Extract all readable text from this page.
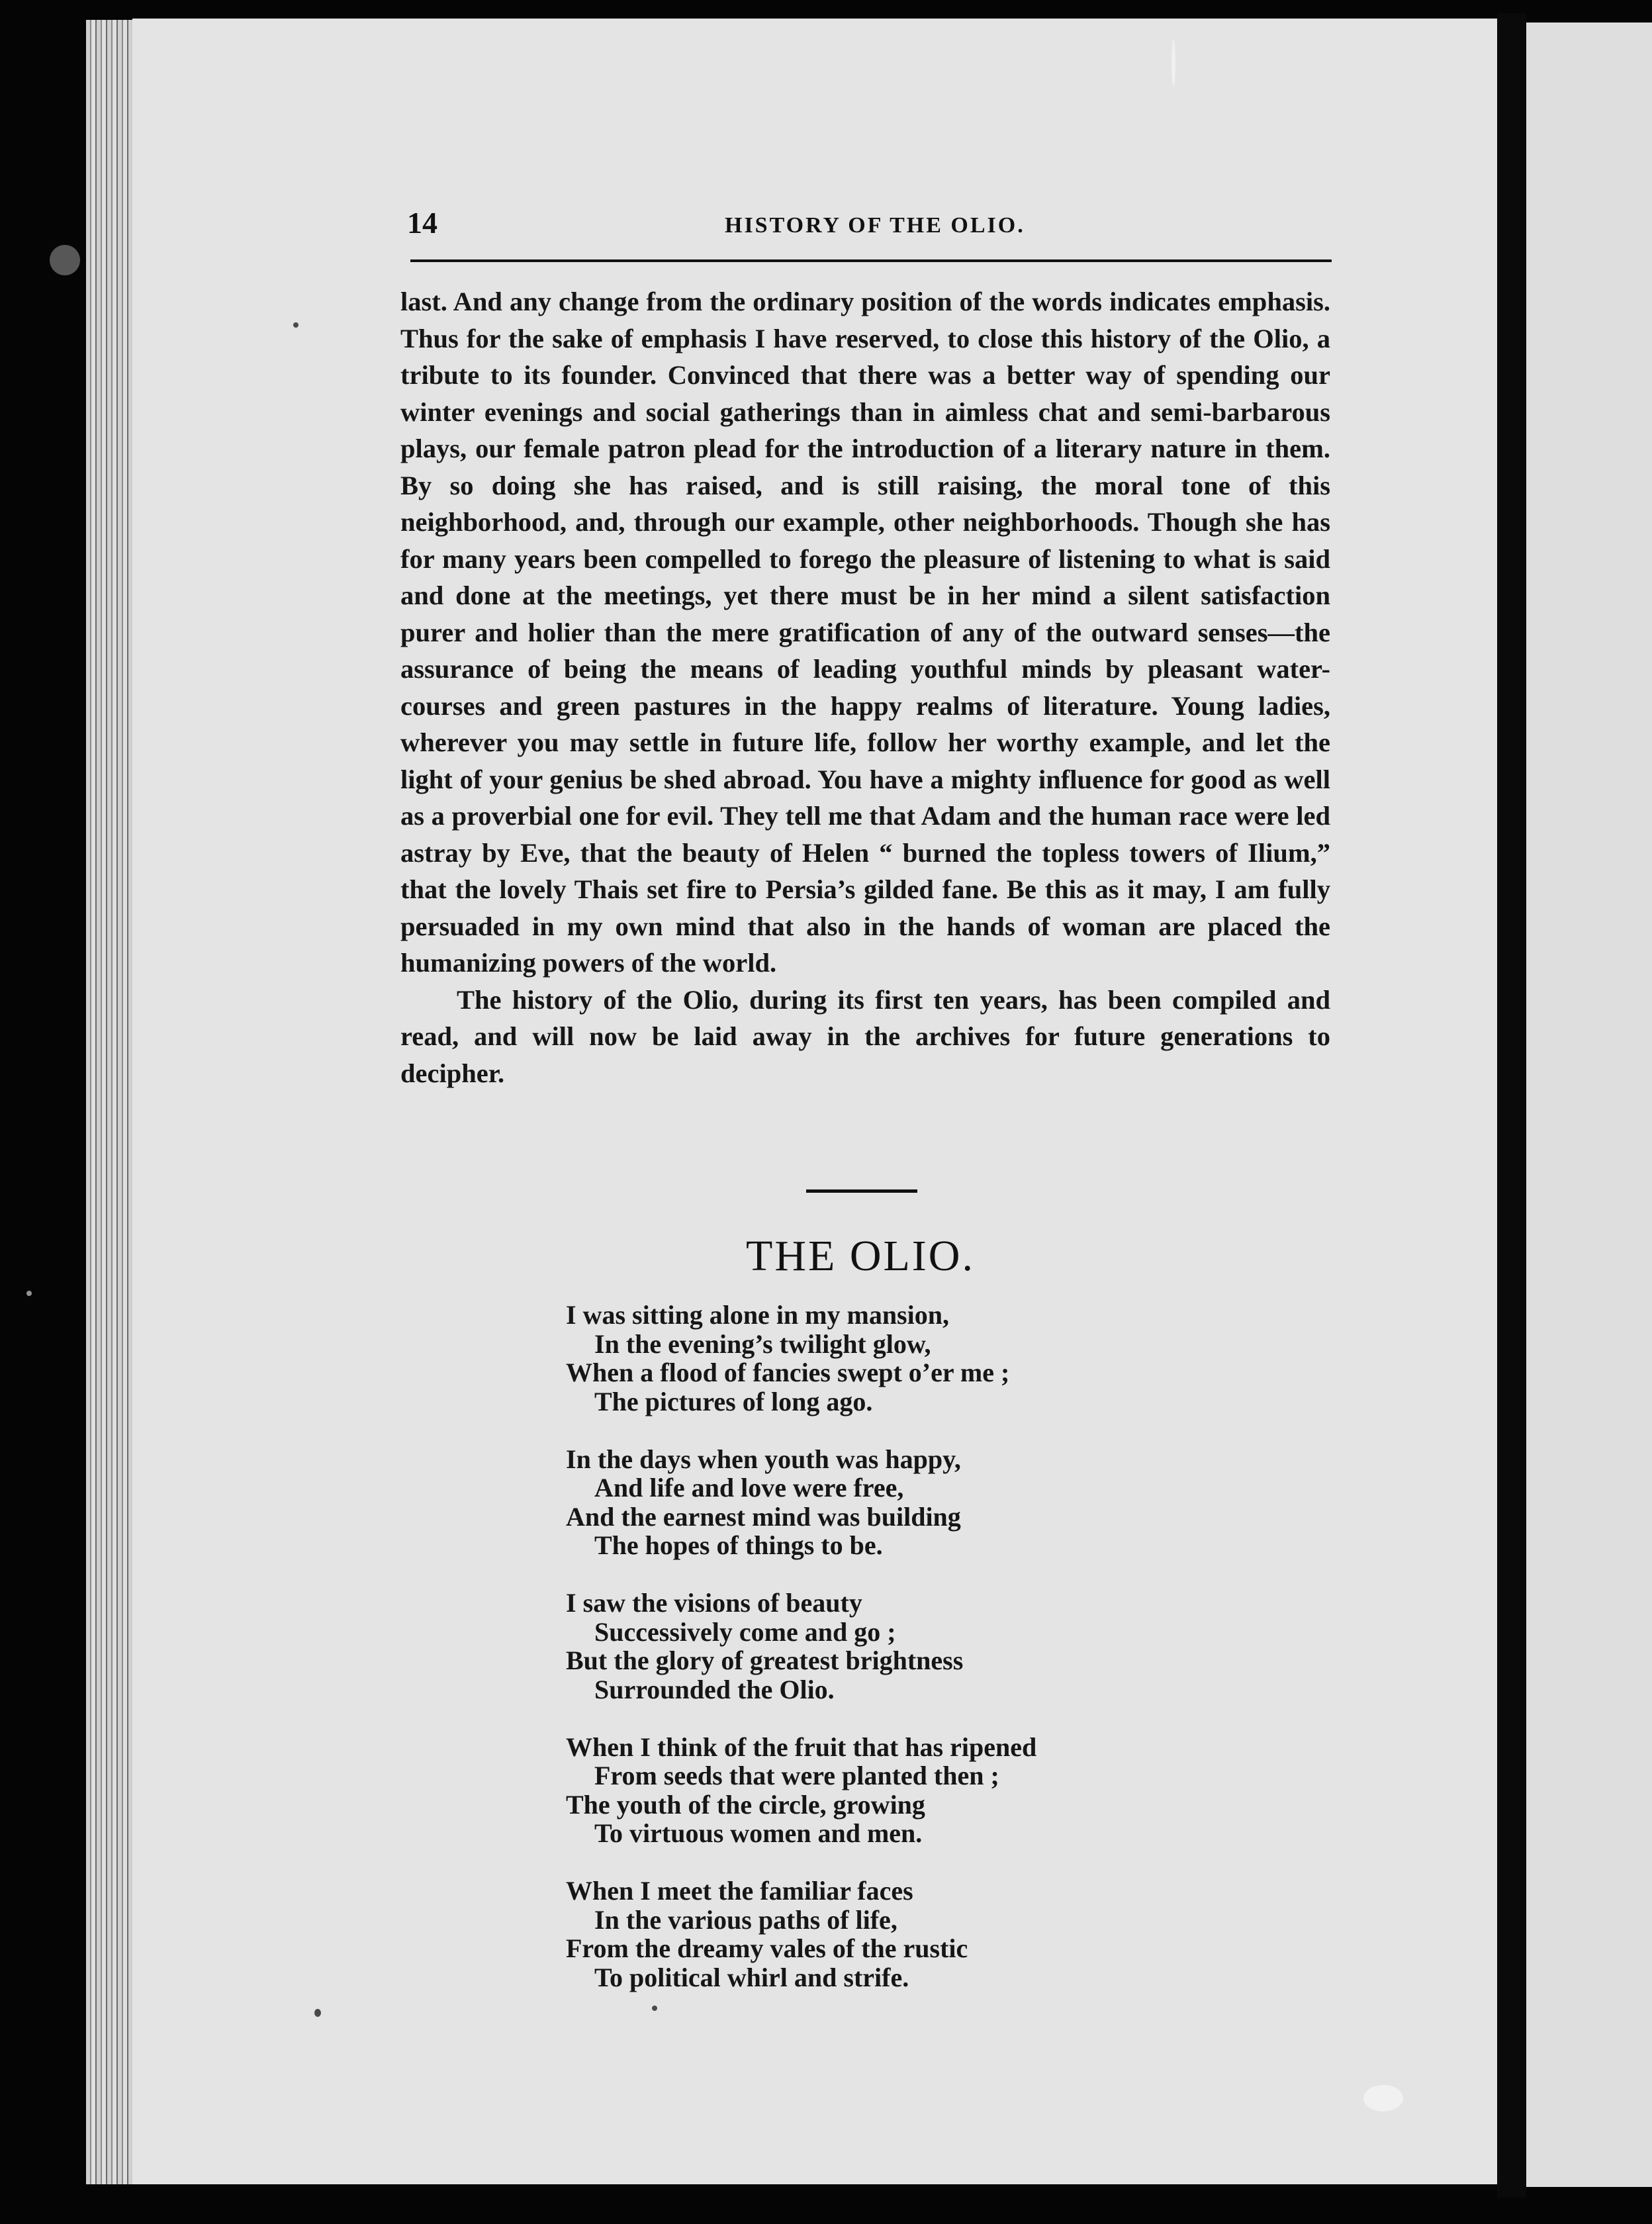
14	HISTORY OF THE OLIO.

last. And any change from the ordinary position of the words indicates emphasis. Thus for the sake of emphasis I have reserved, to close this history of the Olio, a tribute to its founder. Convinced that there was a better way of spending our winter evenings and social gatherings than in aimless chat and semi-barbarous plays, our female patron plead for the introduction of a literary nature in them. By so doing she has raised, and is still raising, the moral tone of this neighborhood, and, through our example, other neighborhoods. Though she has for many years been compelled to forego the pleasure of listening to what is said and done at the meetings, yet there must be in her mind a silent satisfaction purer and holier than the mere gratification of any of the outward senses—the assurance of being the means of leading youthful minds by pleasant water-courses and green pastures in the happy realms of literature. Young ladies, wherever you may settle in future life, follow her worthy example, and let the light of your genius be shed abroad. You have a mighty influence for good as well as a proverbial one for evil. They tell me that Adam and the human race were led astray by Eve, that the beauty of Helen “ burned the topless towers of Ilium,” that the lovely Thais set fire to Persia’s gilded fane. Be this as it may, I am fully persuaded in my own mind that also in the hands of woman are placed the humanizing powers of the world.

The history of the Olio, during its first ten years, has been compiled and read, and will now be laid away in the archives for future generations to decipher.

THE OLIO.
I was sitting alone in my mansion,
In the evening’s twilight glow,
When a flood of fancies swept o’er me ;
The pictures of long ago.
In the days when youth was happy,
And life and love were free,
And the earnest mind was building
The hopes of things to be.
I saw the visions of beauty
Successively come and go ;
But the glory of greatest brightness
Surrounded the Olio.
When I think of the fruit that has ripened
From seeds that were planted then ;
The youth of the circle, growing
To virtuous women and men.
When I meet the familiar faces
In the various paths of life,
From the dreamy vales of the rustic
To political whirl and strife.
